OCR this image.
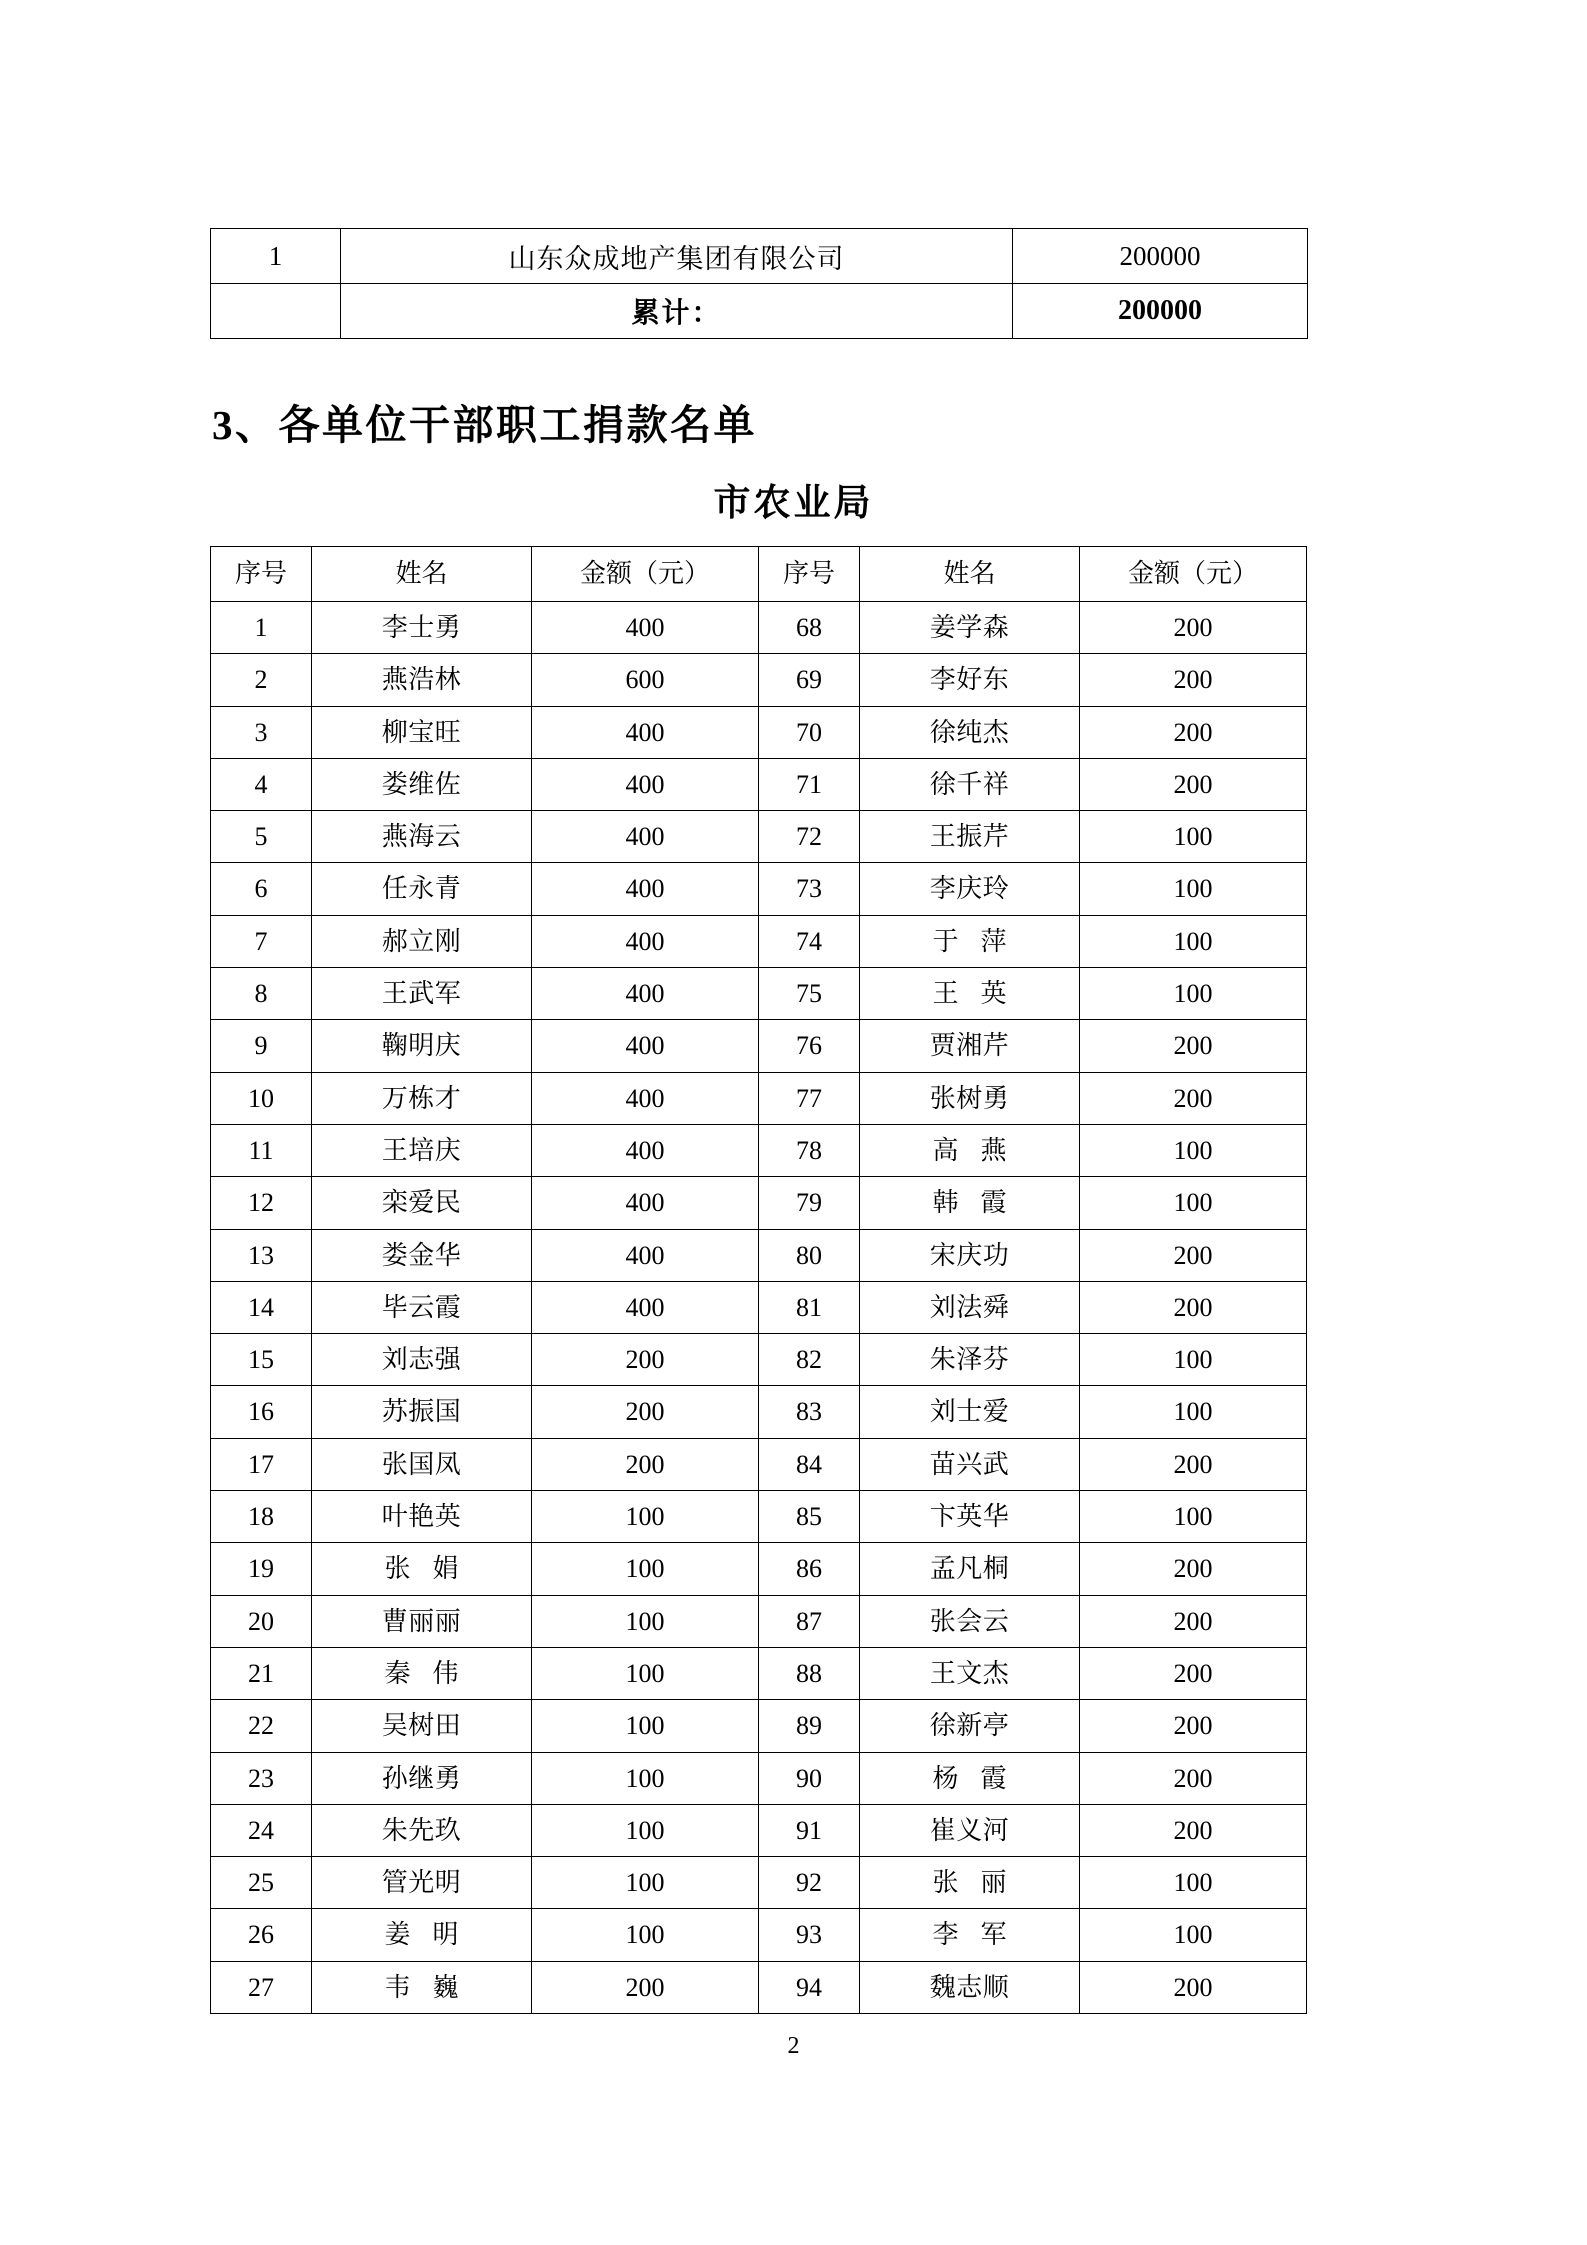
1	山东众成地产集团有限公司	200000
	累计：	200000
3、各单位干部职工捐款名单
市农业局
序号	姓名	金额（元）	序号	姓名	金额（元）
1	李士勇	400	68	姜学森	200
2	燕浩林	600	69	李好东	200
3	柳宝旺	400	70	徐纯杰	200
4	娄维佐	400	71	徐千祥	200
5	燕海云	400	72	王振芹	100
6	任永青	400	73	李庆玲	100
7	郝立刚	400	74	于萍	100
8	王武军	400	75	王英	100
9	鞠明庆	400	76	贾湘芹	200
10	万栋才	400	77	张树勇	200
11	王培庆	400	78	高燕	100
12	栾爱民	400	79	韩霞	100
13	娄金华	400	80	宋庆功	200
14	毕云霞	400	81	刘法舜	200
15	刘志强	200	82	朱泽芬	100
16	苏振国	200	83	刘士爱	100
17	张国凤	200	84	苗兴武	200
18	叶艳英	100	85	卞英华	100
19	张娟	100	86	孟凡桐	200
20	曹丽丽	100	87	张会云	200
21	秦伟	100	88	王文杰	200
22	吴树田	100	89	徐新亭	200
23	孙继勇	100	90	杨霞	200
24	朱先玖	100	91	崔义河	200
25	管光明	100	92	张丽	100
26	姜明	100	93	李军	100
27	韦巍	200	94	魏志顺	200
2
